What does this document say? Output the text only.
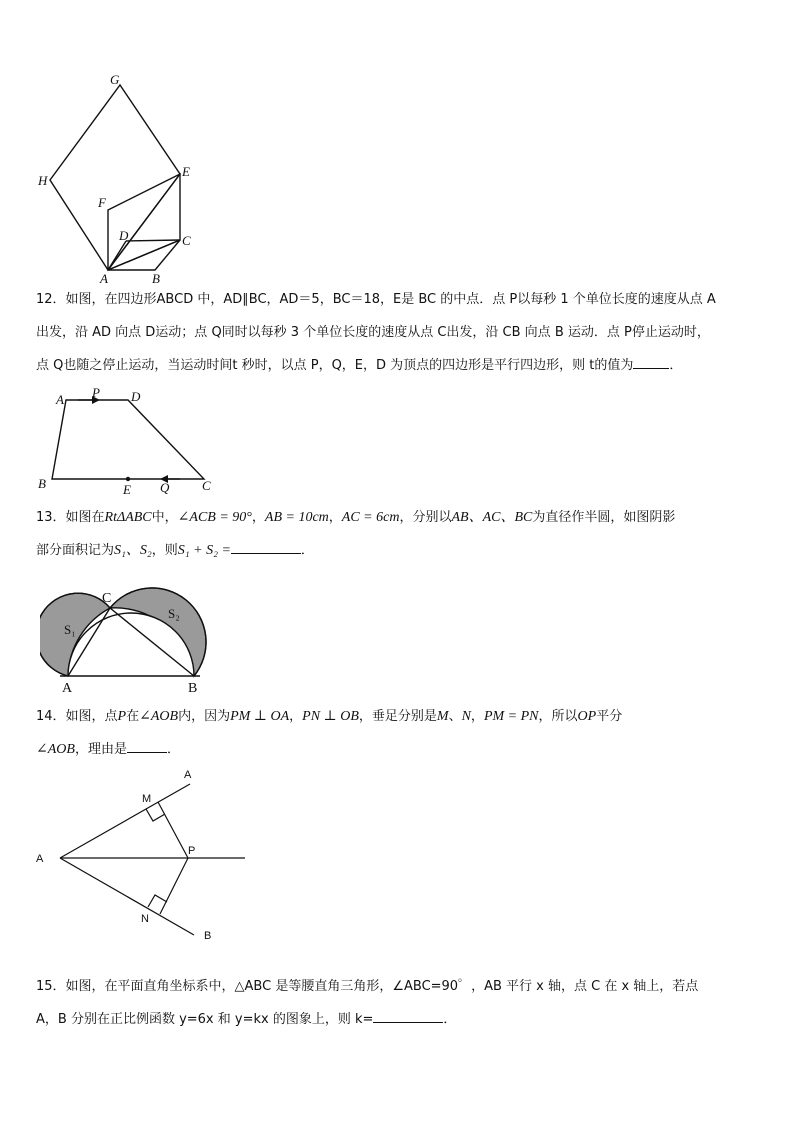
G
H
E
F
D	C
A	B
12．如图，在四边形ABCD 中，AD∥BC，AD＝5，BC＝18，E是 BC 的中点．点 P以每秒 1 个单位长度的速度从点 A
出发，沿 AD 向点 D运动；点 Q同时以每秒 3 个单位长度的速度从点 C出发，沿 CB 向点 B 运动．点 P停止运动时，
点 Q也随之停止运动，当运动时间t 秒时，以点 P，Q，E，D 为顶点的四边形是平行四边形，则 t的值为	．
A P D
B	E Q	C
13．如图在RtΔABC中，∠ACB = 90°，AB = 10cm，AC = 6cm，分别以AB、AC、BC为直径作半圆，如图阴影
部分面积记为S₁、S₂，则S₁ + S₂ =	．
C
A	B
S₁
S₂
14．如图，点P在∠AOB内，因为PM ⊥ OA，PN ⊥ OB，垂足分别是M、N，PM = PN，所以OP平分
∠AOB，理由是	．
A
M
A
P
N
B
15．如图，在平面直角坐标系中，△ABC 是等腰直角三角形，∠ABC=90゜，AB 平行 x 轴，点 C 在 x 轴上，若点
A，B 分别在正比例函数 y=6x 和 y=kx 的图象上，则 k=	．
